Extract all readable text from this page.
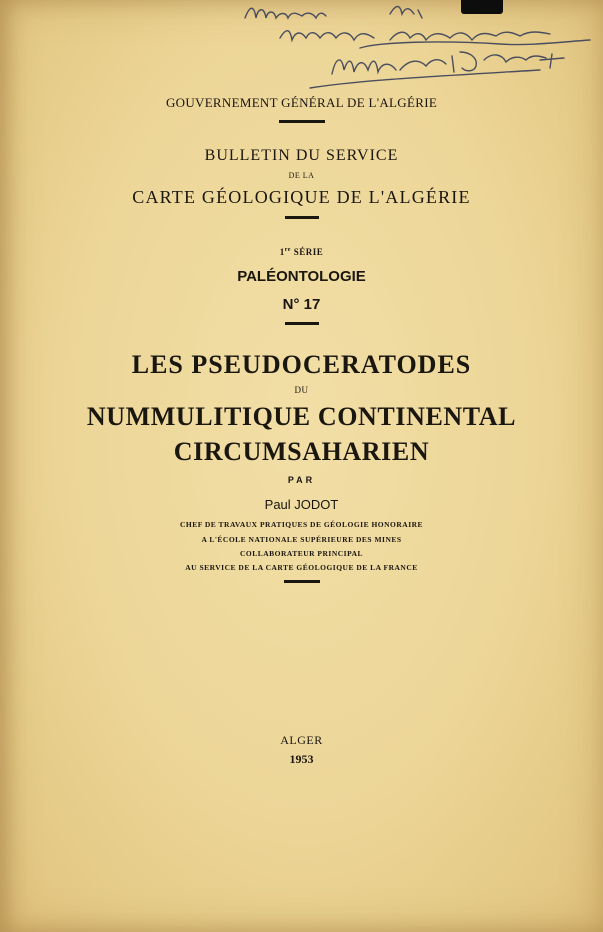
GOUVERNEMENT GÉNÉRAL DE L'ALGÉRIE
BULLETIN DU SERVICE
DE LA
CARTE GÉOLOGIQUE DE L'ALGÉRIE
1re SÉRIE
PALÉONTOLOGIE
N° 17
LES PSEUDOCERATODES
DU
NUMMULITIQUE CONTINENTAL
CIRCUMSAHARIEN
PAR
Paul JODOT
CHEF DE TRAVAUX PRATIQUES DE GÉOLOGIE HONORAIRE
A L'ÉCOLE NATIONALE SUPÉRIEURE DES MINES
COLLABORATEUR PRINCIPAL
AU SERVICE DE LA CARTE GÉOLOGIQUE DE LA FRANCE
ALGER
1953
